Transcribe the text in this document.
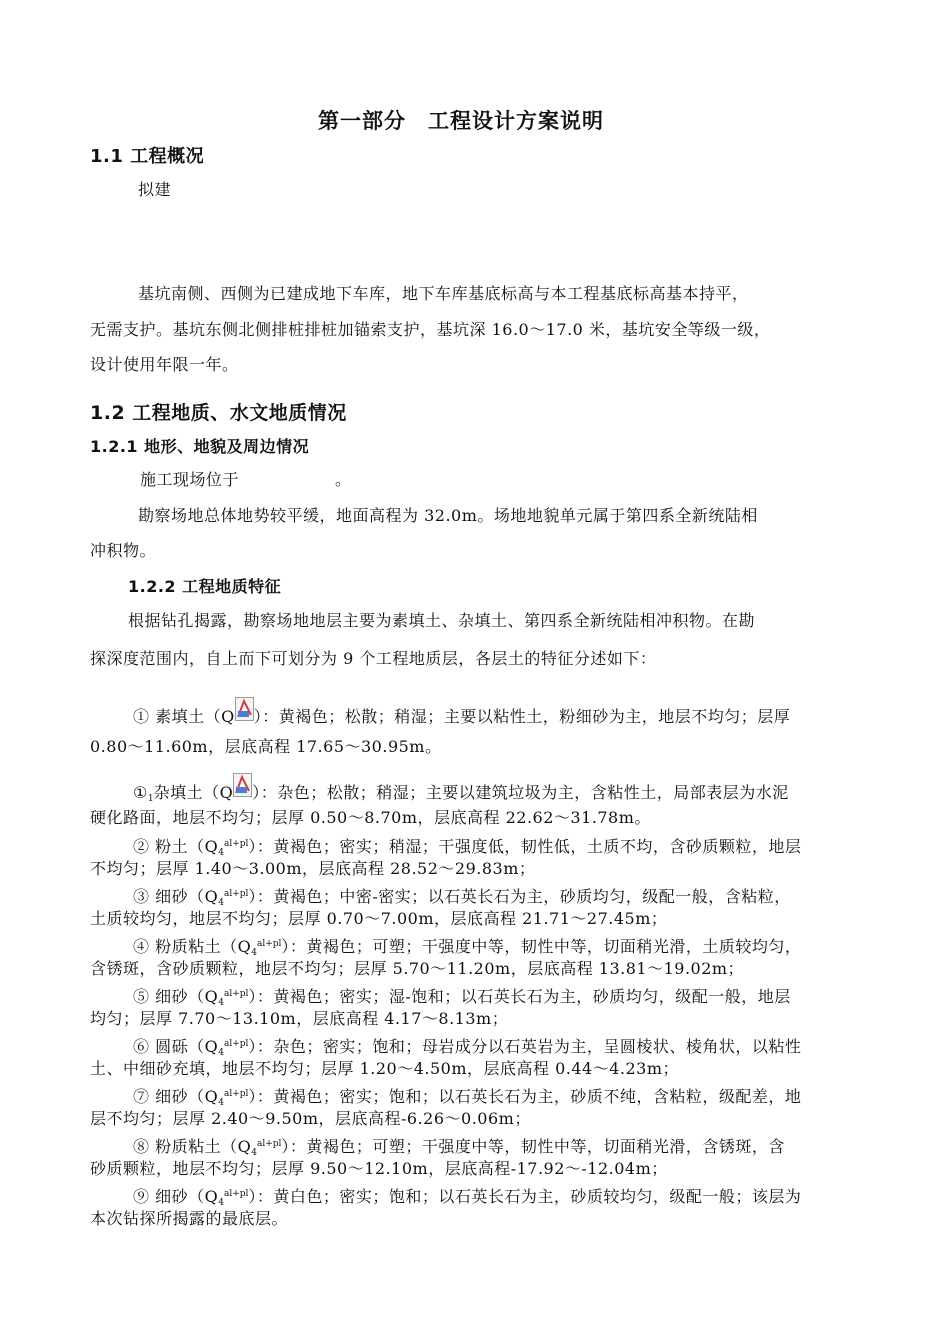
第一部分　工程设计方案说明
1.1 工程概况
拟建
基坑南侧、西侧为已建成地下车库，地下车库基底标高与本工程基底标高基本持平，
无需支护。基坑东侧北侧排桩排桩加锚索支护，基坑深 16.0～17.0 米，基坑安全等级一级，
设计使用年限一年。
1.2 工程地质、水文地质情况
1.2.1 地形、地貌及周边情况
施工现场位于	。
勘察场地总体地势较平缓，地面高程为 32.0m。场地地貌单元属于第四系全新统陆相
冲积物。
1.2.2 工程地质特征
根据钻孔揭露，勘察场地地层主要为素填土、杂填土、第四系全新统陆相冲积物。在勘
探深度范围内，自上而下可划分为 9 个工程地质层，各层土的特征分述如下：
① 素填土（Q ）：黄褐色；松散；稍湿；主要以粘性土，粉细砂为主，地层不均匀；层厚
0.80～11.60m，层底高程 17.65～30.95m。
$①_1$杂填土（Q ）：杂色；松散；稍湿；主要以建筑垃圾为主，含粘性土，局部表层为水泥
硬化路面，地层不均匀；层厚 0.50～8.70m，层底高程 22.62～31.78m。
② 粉土$(Q_4^{al+pl})$：黄褐色；密实；稍湿；干强度低，韧性低，土质不均，含砂质颗粒，地层
不均匀；层厚 1.40～3.00m，层底高程 28.52～29.83m；
③ 细砂$(Q_4^{al+pl})$：黄褐色；中密-密实；以石英长石为主，砂质均匀，级配一般，含粘粒，
土质较均匀，地层不均匀；层厚 0.70～7.00m，层底高程 21.71～27.45m；
④ 粉质粘土$(Q_4^{al+pl})$：黄褐色；可塑；干强度中等，韧性中等，切面稍光滑，土质较均匀，
含锈斑，含砂质颗粒，地层不均匀；层厚 5.70～11.20m，层底高程 13.81～19.02m；
⑤ 细砂$(Q_4^{al+pl})$：黄褐色；密实；湿-饱和；以石英长石为主，砂质均匀，级配一般，地层
均匀；层厚 7.70～13.10m，层底高程 4.17～8.13m；
⑥ 圆砾$(Q_4^{al+pl})$：杂色；密实；饱和；母岩成分以石英岩为主，呈圆棱状、棱角状，以粘性
土、中细砂充填，地层不均匀；层厚 1.20～4.50m，层底高程 0.44～4.23m；
⑦ 细砂$(Q_4^{al+pl})$：黄褐色；密实；饱和；以石英长石为主，砂质不纯，含粘粒，级配差，地
层不均匀；层厚 2.40～9.50m，层底高程-6.26～0.06m；
⑧ 粉质粘土$(Q_4^{al+pl})$：黄褐色；可塑；干强度中等，韧性中等，切面稍光滑，含锈斑，含
砂质颗粒，地层不均匀；层厚 9.50～12.10m，层底高程-17.92～-12.04m；
⑨ 细砂$(Q_4^{al+pl})$：黄白色；密实；饱和；以石英长石为主，砂质较均匀，级配一般；该层为
本次钻探所揭露的最底层。
